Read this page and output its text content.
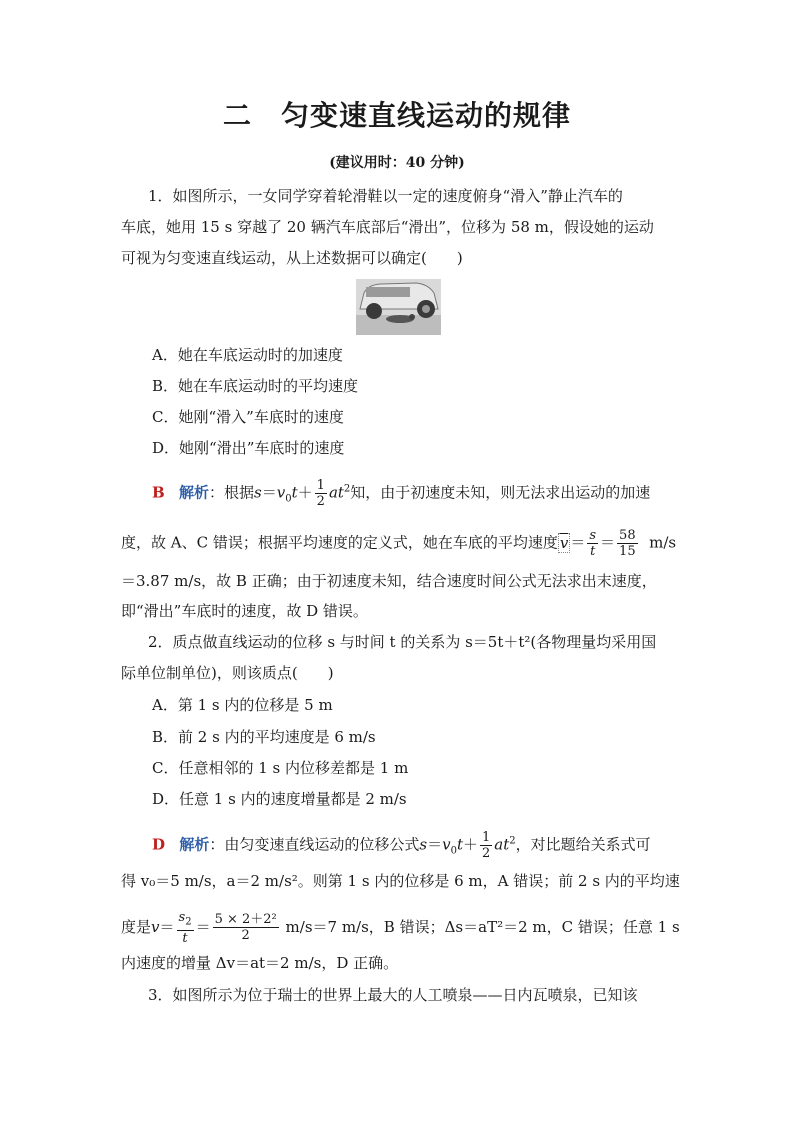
二　匀变速直线运动的规律
(建议用时：40 分钟)
1．如图所示，一女同学穿着轮滑鞋以一定的速度俯身“滑入”静止汽车的
车底，她用 15 s 穿越了 20 辆汽车底部后“滑出”，位移为 58 m，假设她的运动
可视为匀变速直线运动，从上述数据可以确定(　　)
A．她在车底运动时的加速度
B．她在车底运动时的平均速度
C．她刚“滑入”车底时的速度
D．她刚“滑出”车底时的速度
B 解析：根据$s=v_0t+ \frac{1}{2} at^2$知，由于初速度未知，则无法求出运动的加速
度，故 A、C 错误；根据平均速度的定义式，她在车底的平均速度 $\overline{v} = \frac{s}{t} = \frac{58}{15} m/s$
＝3.87 m/s，故 B 正确；由于初速度未知，结合速度时间公式无法求出末速度，
即“滑出”车底时的速度，故 D 错误。
2．质点做直线运动的位移 s 与时间 t 的关系为 s＝5t＋t²(各物理量均采用国
际单位制单位)，则该质点(　　)
A．第 1 s 内的位移是 5 m
B．前 2 s 内的平均速度是 6 m/s
C．任意相邻的 1 s 内位移差都是 1 m
D．任意 1 s 内的速度增量都是 2 m/s
D 解析：由匀变速直线运动的位移公式$s=v_0t+ \frac{1}{2} at^2$，对比题给关系式可
得 v₀＝5 m/s，a＝2 m/s²。则第 1 s 内的位移是 6 m，A 错误；前 2 s 内的平均速
度是$v= \frac{s_2}{t} = \frac{\text{5 × 2＋2²}}{2} m/s=7$ m/s，B 错误；Δs＝aT²＝2 m，C 错误；任意 1 s
内速度的增量 Δv＝at＝2 m/s，D 正确。
3．如图所示为位于瑞士的世界上最大的人工喷泉——日内瓦喷泉，已知该
